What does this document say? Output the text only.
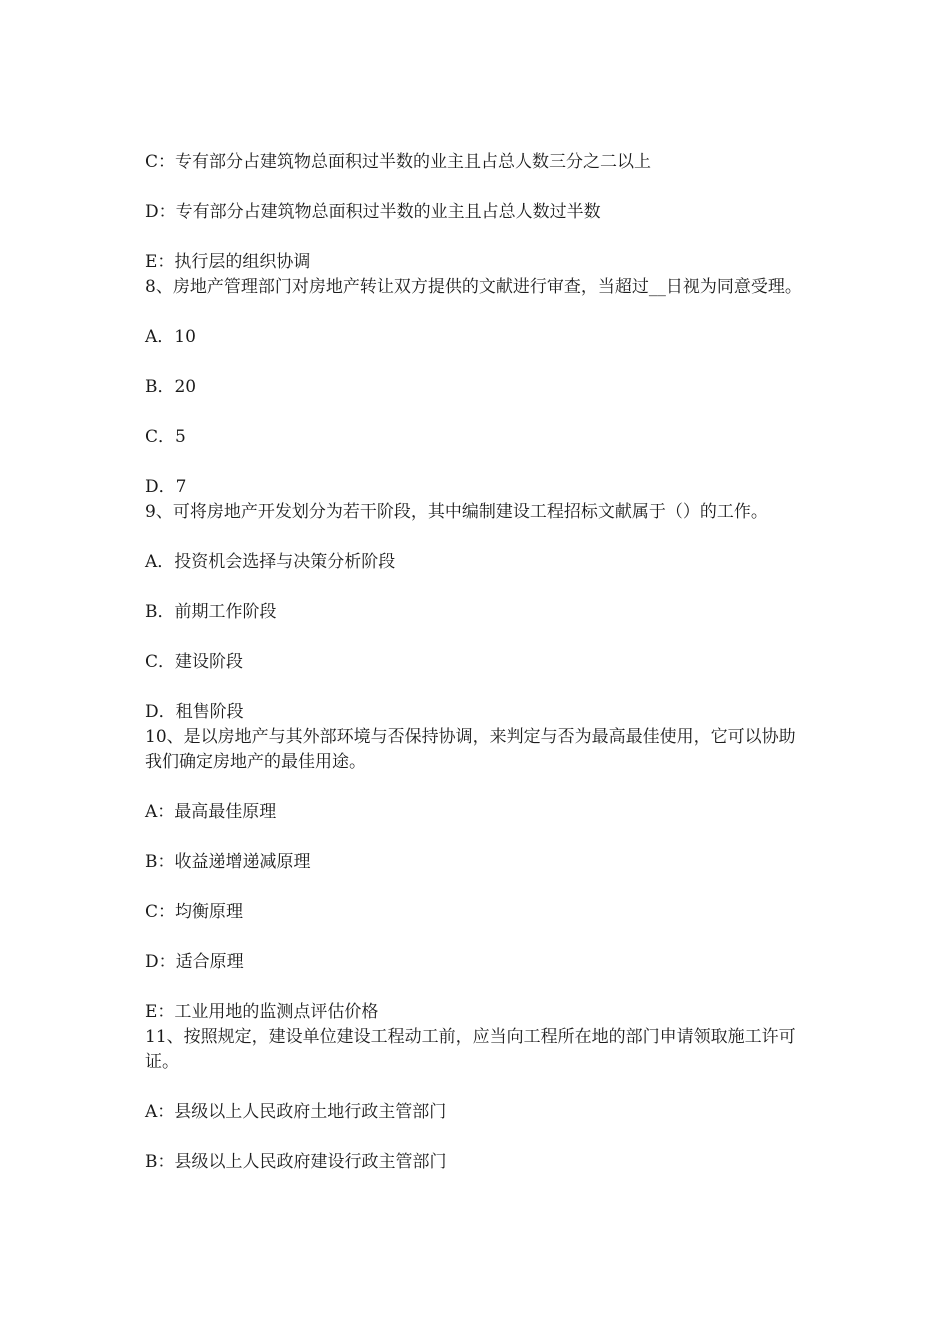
C：专有部分占建筑物总面积过半数的业主且占总人数三分之二以上

D：专有部分占建筑物总面积过半数的业主且占总人数过半数

E：执行层的组织协调

8、房地产管理部门对房地产转让双方提供的文献进行审查，当超过__日视为同意受理。

A．10

B．20

C．5

D．7

9、可将房地产开发划分为若干阶段，其中编制建设工程招标文献属于（）的工作。

A．投资机会选择与决策分析阶段

B．前期工作阶段

C．建设阶段

D．租售阶段

10、是以房地产与其外部环境与否保持协调，来判定与否为最高最佳使用，它可以协助我们确定房地产的最佳用途。

A：最高最佳原理

B：收益递增递减原理

C：均衡原理

D：适合原理

E：工业用地的监测点评估价格

11、按照规定，建设单位建设工程动工前，应当向工程所在地的部门申请领取施工许可证。

A：县级以上人民政府土地行政主管部门

B：县级以上人民政府建设行政主管部门
